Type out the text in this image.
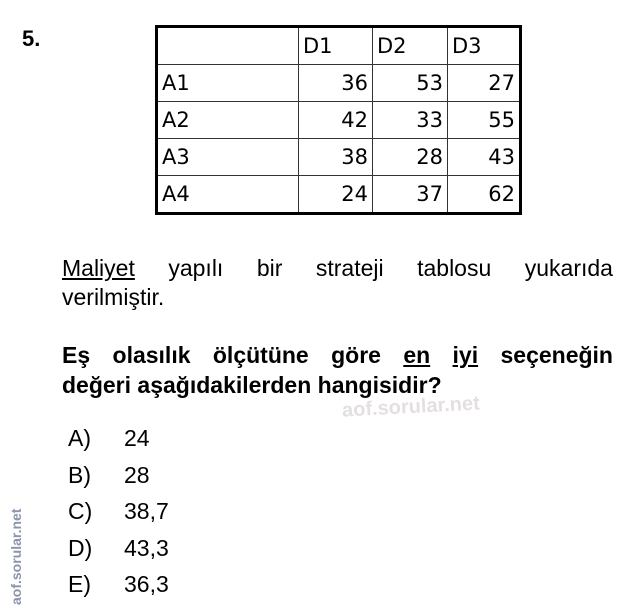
5.
		D1	D2	D3
A1	36	53	27
A2	42	33	55
A3	38	28	43
A4	24	37	62
Maliyet yapılı bir strateji tablosu yukarıda
verilmiştir.
Eş olasılık ölçütüne göre en iyi seçeneğin
değeri aşağıdakilerden hangisidir?
aof.sorular.net
A)	24
B)	28
C)	38,7
D)	43,3
E)	36,3
aof.sorular.net
